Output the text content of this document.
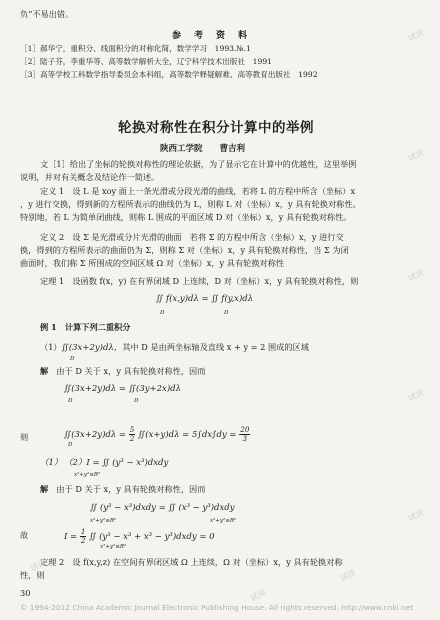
负”不易出错。
参　考　资　料
［1］郝华宁，重积分、线面积分的对称化简，数学学习　1993.№.1
［2］陆子芬，李重华等、高等数学解析大全，辽宁科学技术出版社　1991
［3］高等学校工科数学指导委员会本科组，高等数学释疑解难、高等教育出版社　1992
轮换对称性在积分计算中的举例
陕西工学院　　曹吉利
文［1］给出了坐标的轮换对称性的理论依据，为了显示它在计算中的优越性，这里举例
说明，并对有关概念及结论作一简述。
定义 1　设 L 是 xoy 面上一条光滑或分段光滑的曲线，若将 L 的方程中所含（坐标）x
，y 进行交换，得到新的方程所表示的曲线仍为 L，则称 L 对（坐标）x，y 具有轮换对称性。
特别地，若 L 为简单闭曲线，则称 L 围成的平面区域 D 对（坐标）x，y 具有轮换对称性。
定义 2　设 Σ 是光滑或分片光滑的曲面　若将 Σ 的方程中所含（坐标）x，y 进行交
换，得到的方程所表示的曲面仍为 Σ，则称 Σ 对（坐标）x，y 具有轮换对称性，当 Σ 为闭
曲面时，我们称 Σ 所围成的空间区域 Ω 对（坐标）x，y 具有轮换对称性
定理 1　设函数 f(x，y) 在有界闭域 D 上连续，D 对（坐标）x，y 具有轮换对称性，则
∬ f(x,y)dλ = ∬ f(y,x)dλ
D	D
例 1　计算下列二重积分
（1）∬(3x+2y)dλ，其中 D 是由两坐标轴及直线 x + y = 2 围成的区域
D
解　 由于 D 关于 x，y 具有轮换对称性，因而
∬(3x+2y)dλ = ∬(3y+2x)dλ
D	D
则	∬(3x+2y)dλ = $\frac{5}{2}$ ∬(x+y)dλ = $5\int dx\int dy = \frac{20}{3}$
D
（1） （2）I = ∬ (y³ − x³)dxdy
x²+y²≤R²
解　 由于 D 关于 x，y 具有轮换对称性，因而
∬ (y³ − x³)dxdy = ∬ (x³ − y³)dxdy
x²+y²≤R²	x²+y²≤R²
故	$I = \frac{1}{2}$ ∬ (y³ − x³ + x³ − y³)dxdy = 0
x²+y²≤R²
定理 2　设 f(x,y,z) 在空间有界闭区域 Ω 上连续，Ω 对（坐标）x，y 具有轮换对称
性，则
30
© 1994-2012 China Academic Journal Electronic Publishing House. All rights reserved. http://www.cnki.net
试读
试读
试读
试读
试读
试读
试读
试读
